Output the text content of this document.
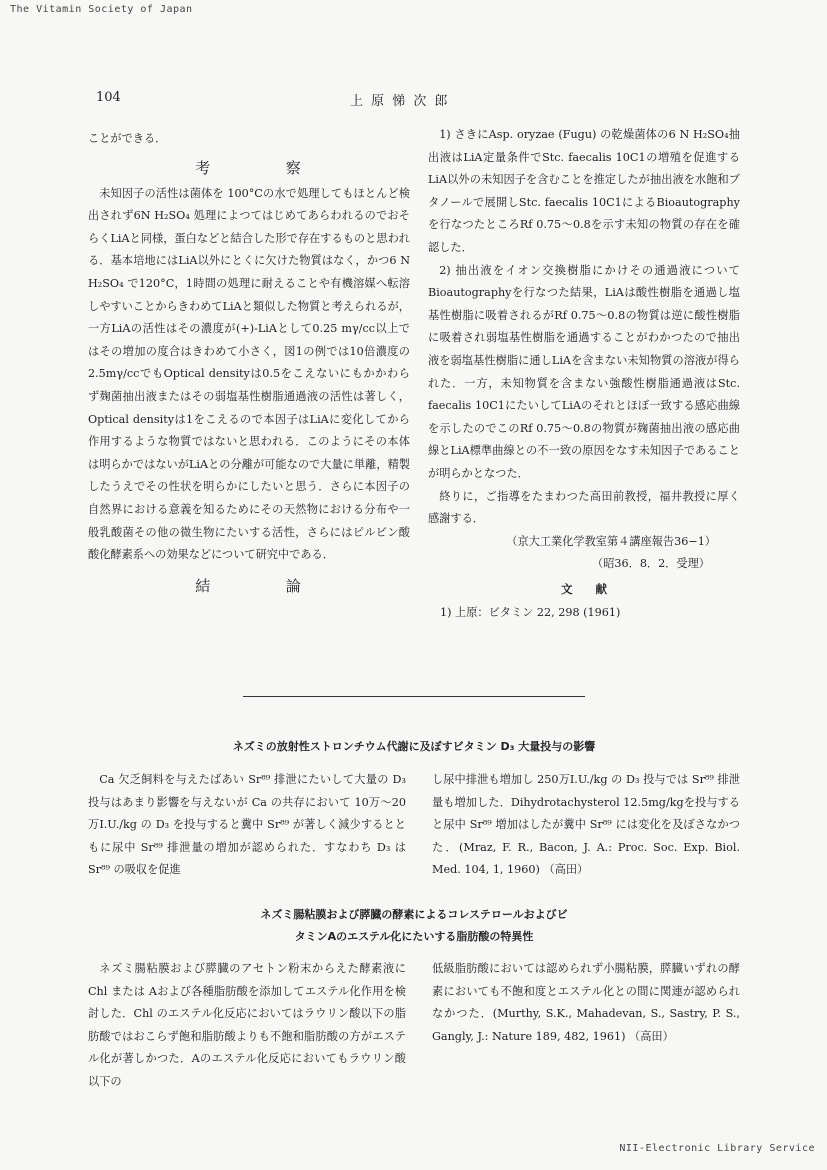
The Vitamin Society of Japan
NII-Electronic Library Service
104	上 原 悌 次 郎

ことができる．

考	察

未知因子の活性は菌体を 100°Cの水で処理してもほとんど検出されず6N H₂SO₄ 処理によつてはじめてあらわれるのでおそらくLiAと同様，蛋白などと結合した形で存在するものと思われる．基本培地にはLiA以外にとくに欠けた物質はなく，かつ6 N H₂SO₄ で120°C，1時間の処理に耐えることや有機溶媒へ転溶しやすいことからきわめてLiAと類似した物質と考えられるが，一方LiAの活性はその濃度が(+)-LiAとして0.25 mγ/cc以上ではその増加の度合はきわめて小さく，図1の例では10倍濃度の2.5mγ/ccでもOptical densityは0.5をこえないにもかかわらず麹菌抽出液またはその弱塩基性樹脂通過液の活性は著しく，Optical densityは1をこえるので本因子はLiAに変化してから作用するような物質ではないと思われる．このようにその本体は明らかではないがLiAとの分離が可能なので大量に単離，精製したうえでその性状を明らかにしたいと思う．さらに本因子の自然界における意義を知るためにその天然物における分布や一般乳酸菌その他の微生物にたいする活性，さらにはピルビン酸酸化酵素系への効果などについて研究中である．

結	論

1) さきにAsp. oryzae (Fugu) の乾燥菌体の6 N H₂SO₄抽出液はLiA定量条件でStc. faecalis 10C1の増殖を促進するLiA以外の未知因子を含むことを推定したが抽出液を水飽和ブタノールで展開しStc. faecalis 10C1によるBioautographyを行なつたところRf 0.75～0.8を示す未知の物質の存在を確認した．

2) 抽出液をイオン交換樹脂にかけその通過液についてBioautographyを行なつた結果，LiAは酸性樹脂を通過し塩基性樹脂に吸着されるがRf 0.75～0.8の物質は逆に酸性樹脂に吸着され弱塩基性樹脂を通過することがわかつたので抽出液を弱塩基性樹脂に通しLiAを含まない未知物質の溶液が得られた．一方，未知物質を含まない強酸性樹脂通過液はStc. faecalis 10C1にたいしてLiAのそれとほぼ一致する感応曲線を示したのでこのRf 0.75～0.8の物質が麹菌抽出液の感応曲線とLiA標準曲線との不一致の原因をなす未知因子であることが明らかとなつた．

終りに，ご指導をたまわつた高田前教授，福井教授に厚く感謝する．

（京大工業化学教室第４講座報告36−1）

（昭36．8．2．受理）

文　　献

1) 上原：ビタミン 22, 298 (1961)

ネズミの放射性ストロンチウム代謝に及ぼすビタミン D₃ 大量投与の影響

Ca 欠乏飼料を与えたばあい Sr⁸⁹ 排泄にたいして大量の D₃ 投与はあまり影響を与えないが Ca の共存において 10万～20万I.U./kg の D₃ を投与すると糞中 Sr⁸⁹ が著しく減少するとともに尿中 Sr⁸⁹ 排泄量の増加が認められた．すなわち D₃ は Sr⁸⁹ の吸収を促進

し尿中排泄も増加し 250万I.U./kg の D₃ 投与では Sr⁸⁹ 排泄量も増加した．Dihydrotachysterol 12.5mg/kgを投与すると尿中 Sr⁸⁹ 増加はしたが糞中 Sr⁸⁹ には変化を及ぼさなかつた．(Mraz, F. R., Bacon, J. A.: Proc. Soc. Exp. Biol. Med. 104, 1, 1960) （高田）

ネズミ腸粘膜および膵臓の酵素によるコレステロールおよびビ
タミンAのエステル化にたいする脂肪酸の特異性

ネズミ腸粘膜および膵臓のアセトン粉末からえた酵素液に Chl または Aおよび各種脂肪酸を添加してエステル化作用を検討した．Chl のエステル化反応においてはラウリン酸以下の脂肪酸ではおこらず飽和脂肪酸よりも不飽和脂肪酸の方がエステル化が著しかつた．Aのエステル化反応においてもラウリン酸以下の

低級脂肪酸においては認められず小腸粘膜，膵臓いずれの酵素においても不飽和度とエステル化との間に関連が認められなかつた．(Murthy, S.K., Mahadevan, S., Sastry, P. S., Gangly, J.: Nature 189, 482, 1961) （高田）
